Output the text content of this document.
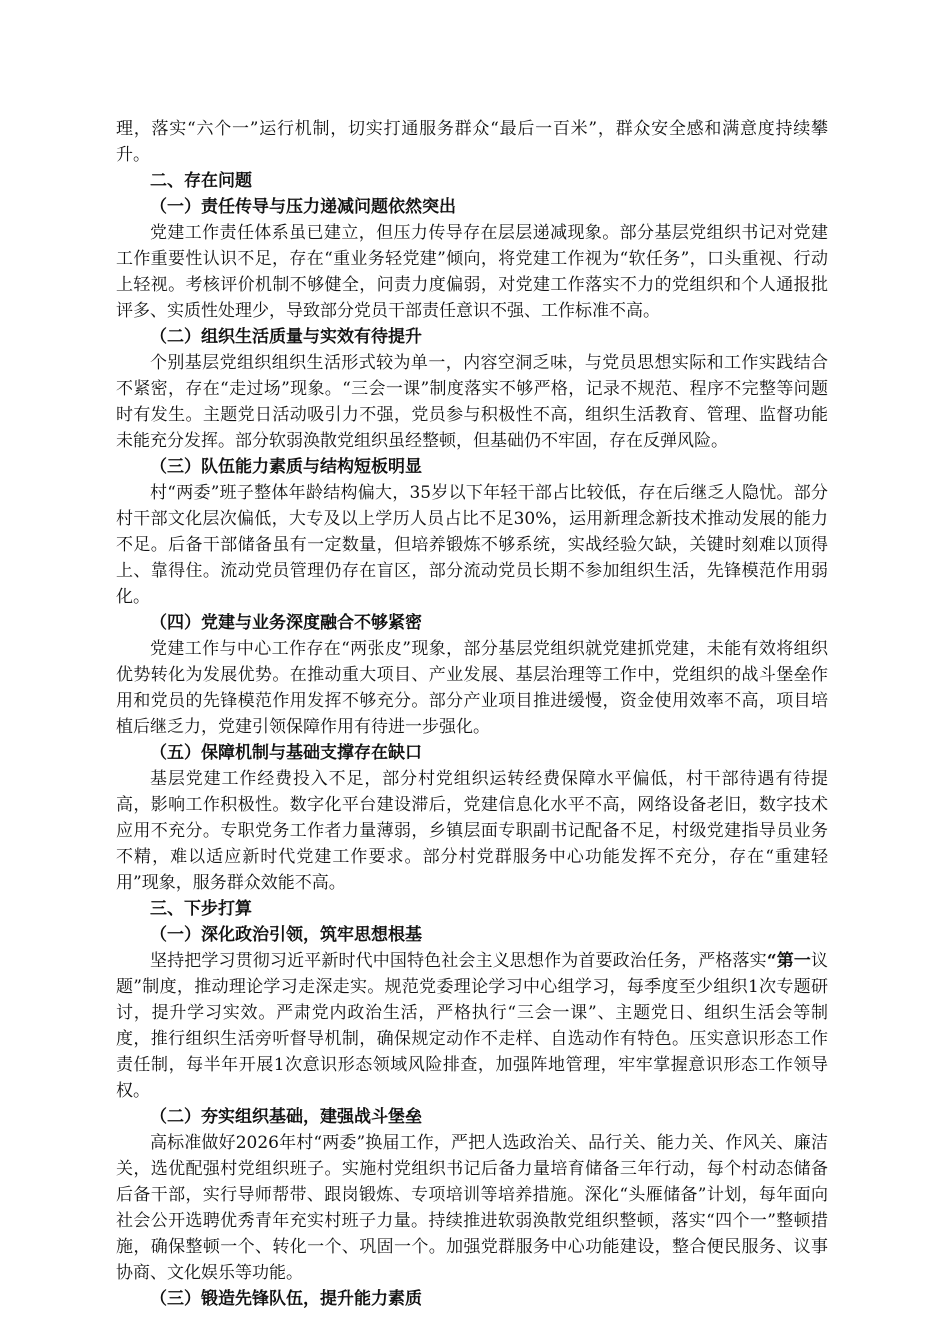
理，落实“六个一”运行机制，切实打通服务群众“最后一百米”，群众安全感和满意度持续攀升。

二、存在问题

（一）责任传导与压力递减问题依然突出

党建工作责任体系虽已建立，但压力传导存在层层递减现象。部分基层党组织书记对党建工作重要性认识不足，存在“重业务轻党建”倾向，将党建工作视为“软任务”，口头重视、行动上轻视。考核评价机制不够健全，问责力度偏弱，对党建工作落实不力的党组织和个人通报批评多、实质性处理少，导致部分党员干部责任意识不强、工作标准不高。

（二）组织生活质量与实效有待提升

个别基层党组织组织生活形式较为单一，内容空洞乏味，与党员思想实际和工作实践结合不紧密，存在“走过场”现象。“三会一课”制度落实不够严格，记录不规范、程序不完整等问题时有发生。主题党日活动吸引力不强，党员参与积极性不高，组织生活教育、管理、监督功能未能充分发挥。部分软弱涣散党组织虽经整顿，但基础仍不牢固，存在反弹风险。

（三）队伍能力素质与结构短板明显

村“两委”班子整体年龄结构偏大，35岁以下年轻干部占比较低，存在后继乏人隐忧。部分村干部文化层次偏低，大专及以上学历人员占比不足30%，运用新理念新技术推动发展的能力不足。后备干部储备虽有一定数量，但培养锻炼不够系统，实战经验欠缺，关键时刻难以顶得上、靠得住。流动党员管理仍存在盲区，部分流动党员长期不参加组织生活，先锋模范作用弱化。

（四）党建与业务深度融合不够紧密

党建工作与中心工作存在“两张皮”现象，部分基层党组织就党建抓党建，未能有效将组织优势转化为发展优势。在推动重大项目、产业发展、基层治理等工作中，党组织的战斗堡垒作用和党员的先锋模范作用发挥不够充分。部分产业项目推进缓慢，资金使用效率不高，项目培植后继乏力，党建引领保障作用有待进一步强化。

（五）保障机制与基础支撑存在缺口

基层党建工作经费投入不足，部分村党组织运转经费保障水平偏低，村干部待遇有待提高，影响工作积极性。数字化平台建设滞后，党建信息化水平不高，网络设备老旧，数字技术应用不充分。专职党务工作者力量薄弱，乡镇层面专职副书记配备不足，村级党建指导员业务不精，难以适应新时代党建工作要求。部分村党群服务中心功能发挥不充分，存在“重建轻用”现象，服务群众效能不高。

三、下步打算

（一）深化政治引领，筑牢思想根基

坚持把学习贯彻习近平新时代中国特色社会主义思想作为首要政治任务，严格落实“第一议题”制度，推动理论学习走深走实。规范党委理论学习中心组学习，每季度至少组织1次专题研讨，提升学习实效。严肃党内政治生活，严格执行“三会一课”、主题党日、组织生活会等制度，推行组织生活旁听督导机制，确保规定动作不走样、自选动作有特色。压实意识形态工作责任制，每半年开展1次意识形态领域风险排查，加强阵地管理，牢牢掌握意识形态工作领导权。

（二）夯实组织基础，建强战斗堡垒

高标准做好2026年村“两委”换届工作，严把人选政治关、品行关、能力关、作风关、廉洁关，选优配强村党组织班子。实施村党组织书记后备力量培育储备三年行动，每个村动态储备后备干部，实行导师帮带、跟岗锻炼、专项培训等培养措施。深化“头雁储备”计划，每年面向社会公开选聘优秀青年充实村班子力量。持续推进软弱涣散党组织整顿，落实“四个一”整顿措施，确保整顿一个、转化一个、巩固一个。加强党群服务中心功能建设，整合便民服务、议事协商、文化娱乐等功能。

（三）锻造先锋队伍，提升能力素质
